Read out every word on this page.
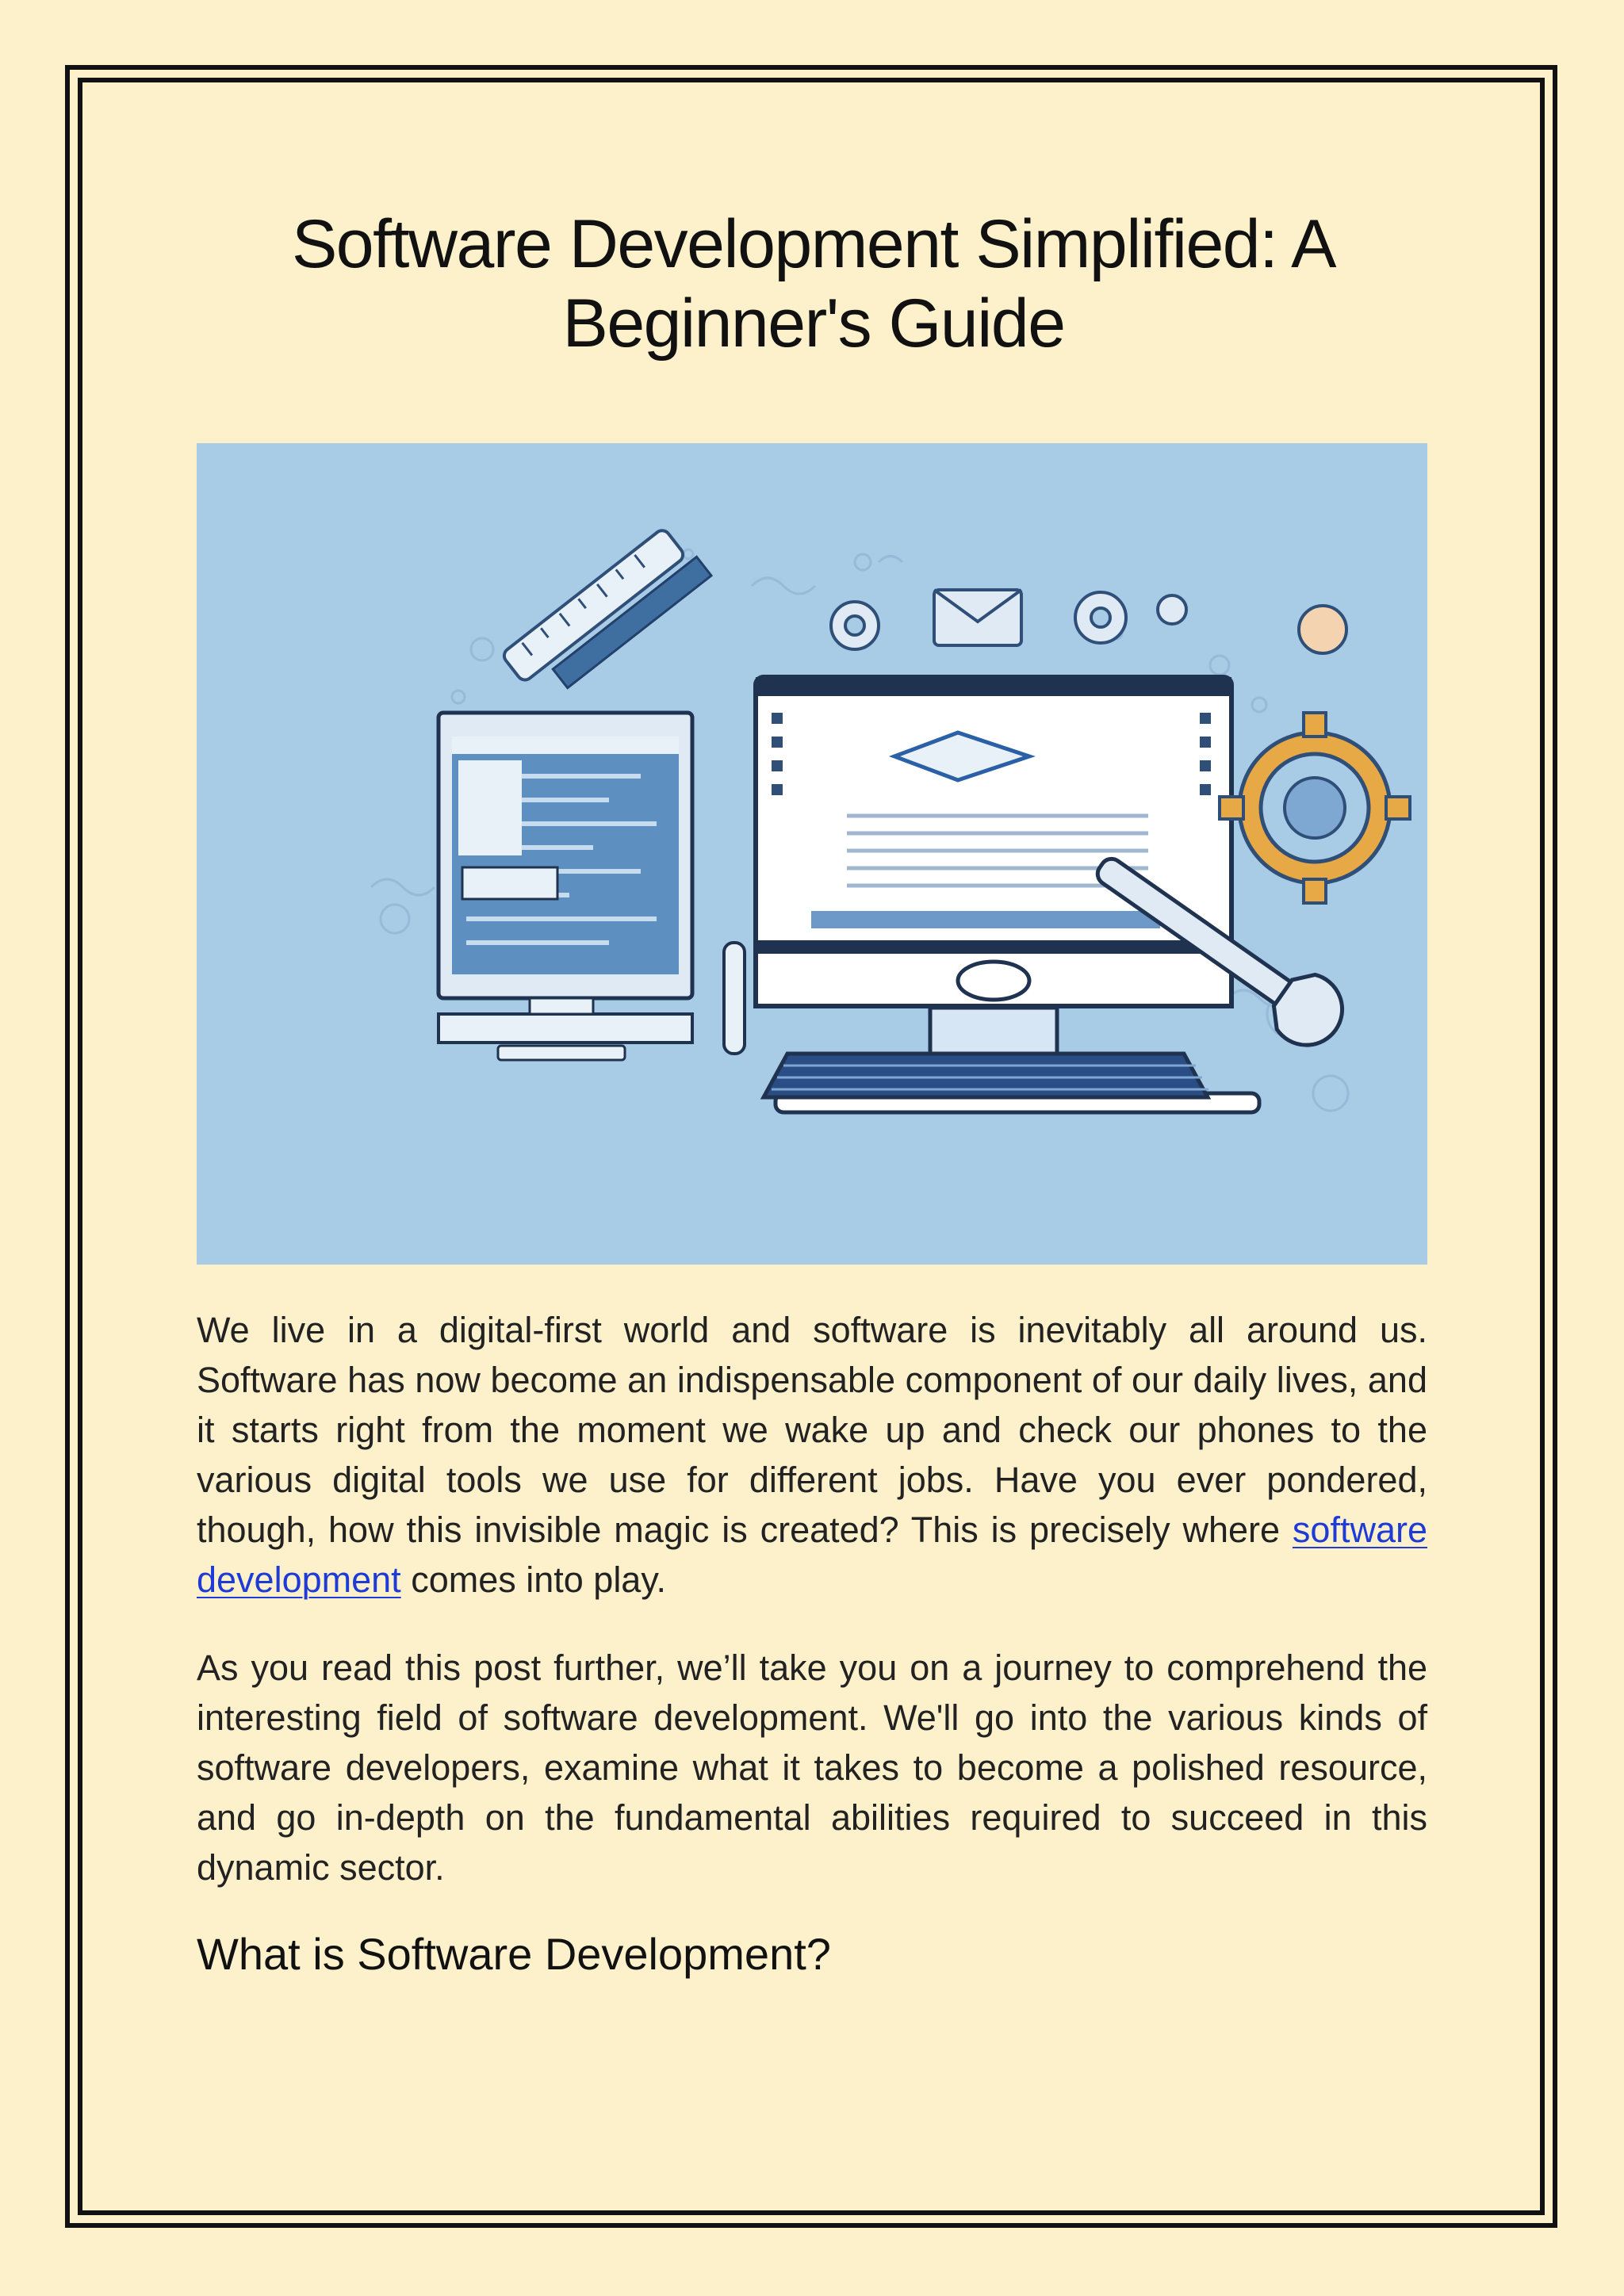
Software Development Simplified: A Beginner's Guide

We live in a digital-first world and software is inevitably all around us. Software has now become an indispensable component of our daily lives, and it starts right from the moment we wake up and check our phones to the various digital tools we use for different jobs. Have you ever pondered, though, how this invisible magic is created? This is precisely where software development comes into play.

As you read this post further, we’ll take you on a journey to comprehend the interesting field of software development. We'll go into the various kinds of software developers, examine what it takes to become a polished resource, and go in-depth on the fundamental abilities required to succeed in this dynamic sector.

What is Software Development?
